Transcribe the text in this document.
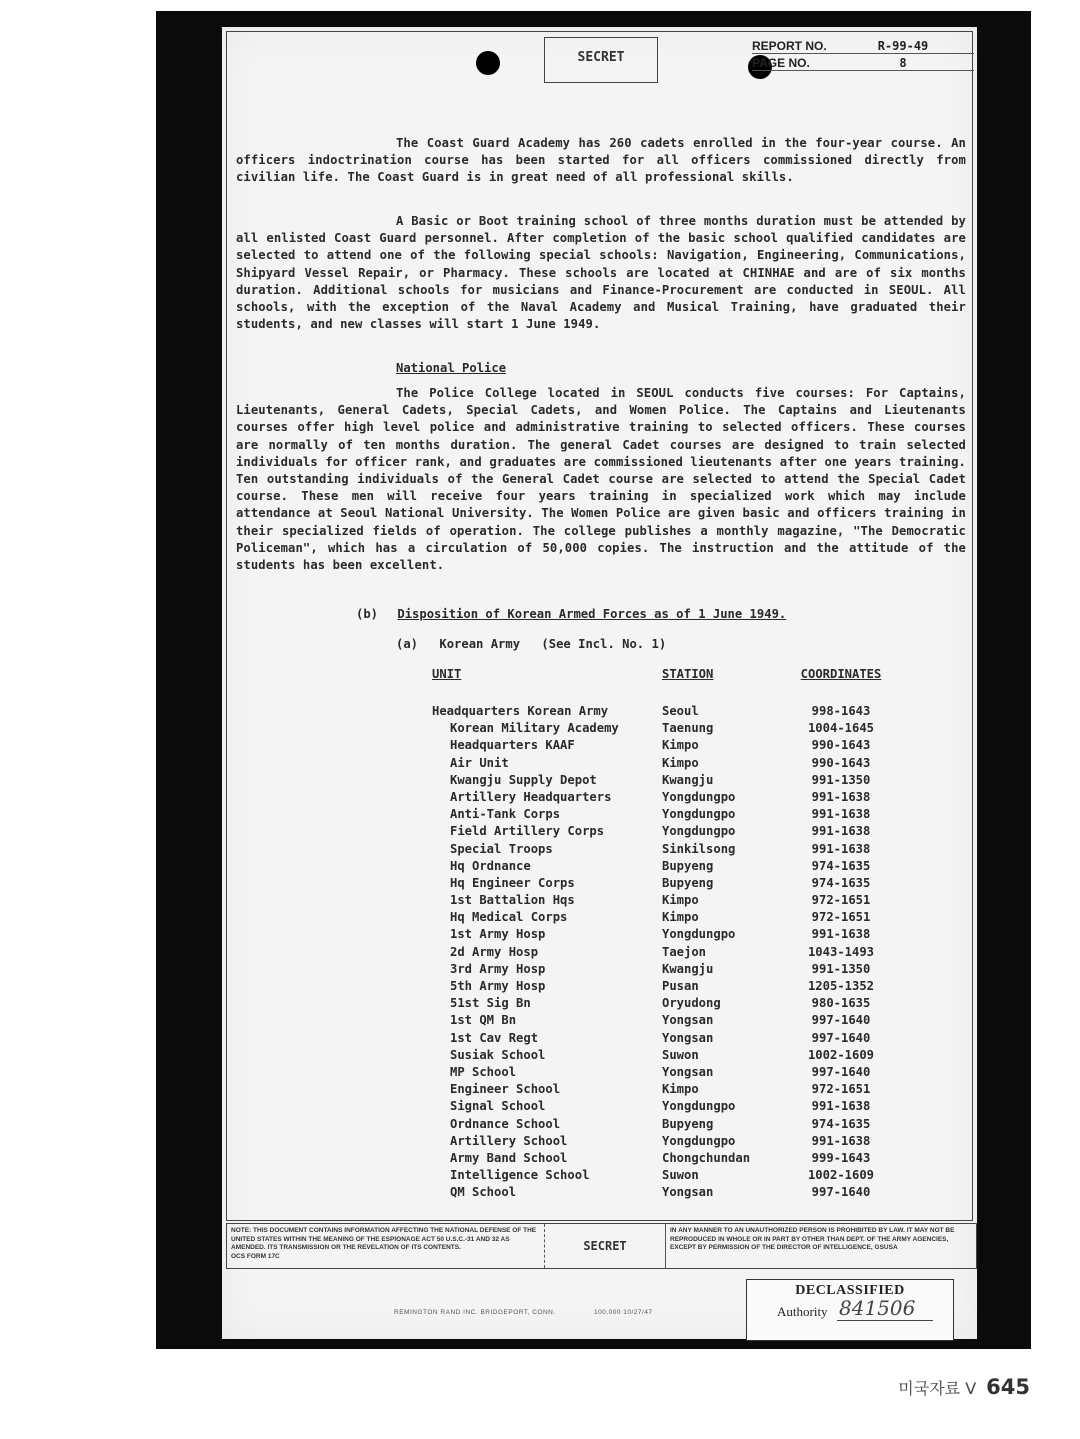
SECRET
REPORT NO.	R-99-49
PAGE NO.	8

The Coast Guard Academy has 260 cadets enrolled in the four-year course. An officers indoctrination course has been started for all officers commissioned directly from civilian life. The Coast Guard is in great need of all professional skills.

A Basic or Boot training school of three months duration must be attended by all enlisted Coast Guard personnel. After completion of the basic school qualified candidates are selected to attend one of the following special schools: Navigation, Engineering, Communications, Shipyard Vessel Repair, or Pharmacy. These schools are located at CHINHAE and are of six months duration. Additional schools for musicians and Finance-Procurement are conducted in SEOUL. All schools, with the exception of the Naval Academy and Musical Training, have graduated their students, and new classes will start 1 June 1949.

National Police

The Police College located in SEOUL conducts five courses: For Captains, Lieutenants, General Cadets, Special Cadets, and Women Police. The Captains and Lieutenants courses offer high level police and administrative training to selected officers. These courses are normally of ten months duration. The general Cadet courses are designed to train selected individuals for officer rank, and graduates are commissioned lieutenants after one years training. Ten outstanding individuals of the General Cadet course are selected to attend the Special Cadet course. These men will receive four years training in specialized work which may include attendance at Seoul National University. The Women Police are given basic and officers training in their specialized fields of operation. The college publishes a monthly magazine, "The Democratic Policeman", which has a circulation of 50,000 copies. The instruction and the attitude of the students has been excellent.

(b) Disposition of Korean Armed Forces as of 1 June 1949.
(a) Korean Army (See Incl. No. 1)
UNIT	STATION	COORDINATES
Headquarters Korean Army	Seoul	998-1643
Korean Military Academy	Taenung	1004-1645
Headquarters KAAF	Kimpo	990-1643
Air Unit	Kimpo	990-1643
Kwangju Supply Depot	Kwangju	991-1350
Artillery Headquarters	Yongdungpo	991-1638
Anti-Tank Corps	Yongdungpo	991-1638
Field Artillery Corps	Yongdungpo	991-1638
Special Troops	Sinkilsong	991-1638
Hq Ordnance	Bupyeng	974-1635
Hq Engineer Corps	Bupyeng	974-1635
1st Battalion Hqs	Kimpo	972-1651
Hq Medical Corps	Kimpo	972-1651
1st Army Hosp	Yongdungpo	991-1638
2d Army Hosp	Taejon	1043-1493
3rd Army Hosp	Kwangju	991-1350
5th Army Hosp	Pusan	1205-1352
51st Sig Bn	Oryudong	980-1635
1st QM Bn	Yongsan	997-1640
1st Cav Regt	Yongsan	997-1640
Susiak School	Suwon	1002-1609
MP School	Yongsan	997-1640
Engineer School	Kimpo	972-1651
Signal School	Yongdungpo	991-1638
Ordnance School	Bupyeng	974-1635
Artillery School	Yongdungpo	991-1638
Army Band School	Chongchundan	999-1643
Intelligence School	Suwon	1002-1609
QM School	Yongsan	997-1640
NOTE: THIS DOCUMENT CONTAINS INFORMATION AFFECTING THE NATIONAL DEFENSE OF THE UNITED STATES WITHIN THE MEANING OF THE ESPIONAGE ACT 50 U.S.C.-31 AND 32 AS AMENDED. ITS TRANSMISSION OR THE REVELATION OF ITS CONTENTS.
OCS FORM 17C
SECRET
IN ANY MANNER TO AN UNAUTHORIZED PERSON IS PROHIBITED BY LAW. IT MAY NOT BE REPRODUCED IN WHOLE OR IN PART BY OTHER THAN DEPT. OF THE ARMY AGENCIES, EXCEPT BY PERMISSION OF THE DIRECTOR OF INTELLIGENCE, GSUSA
REMINGTON RAND INC. BRIDGEPORT, CONN.	100,000 10/27/47
DECLASSIFIED
Authority 841506
미국자료 V 645
